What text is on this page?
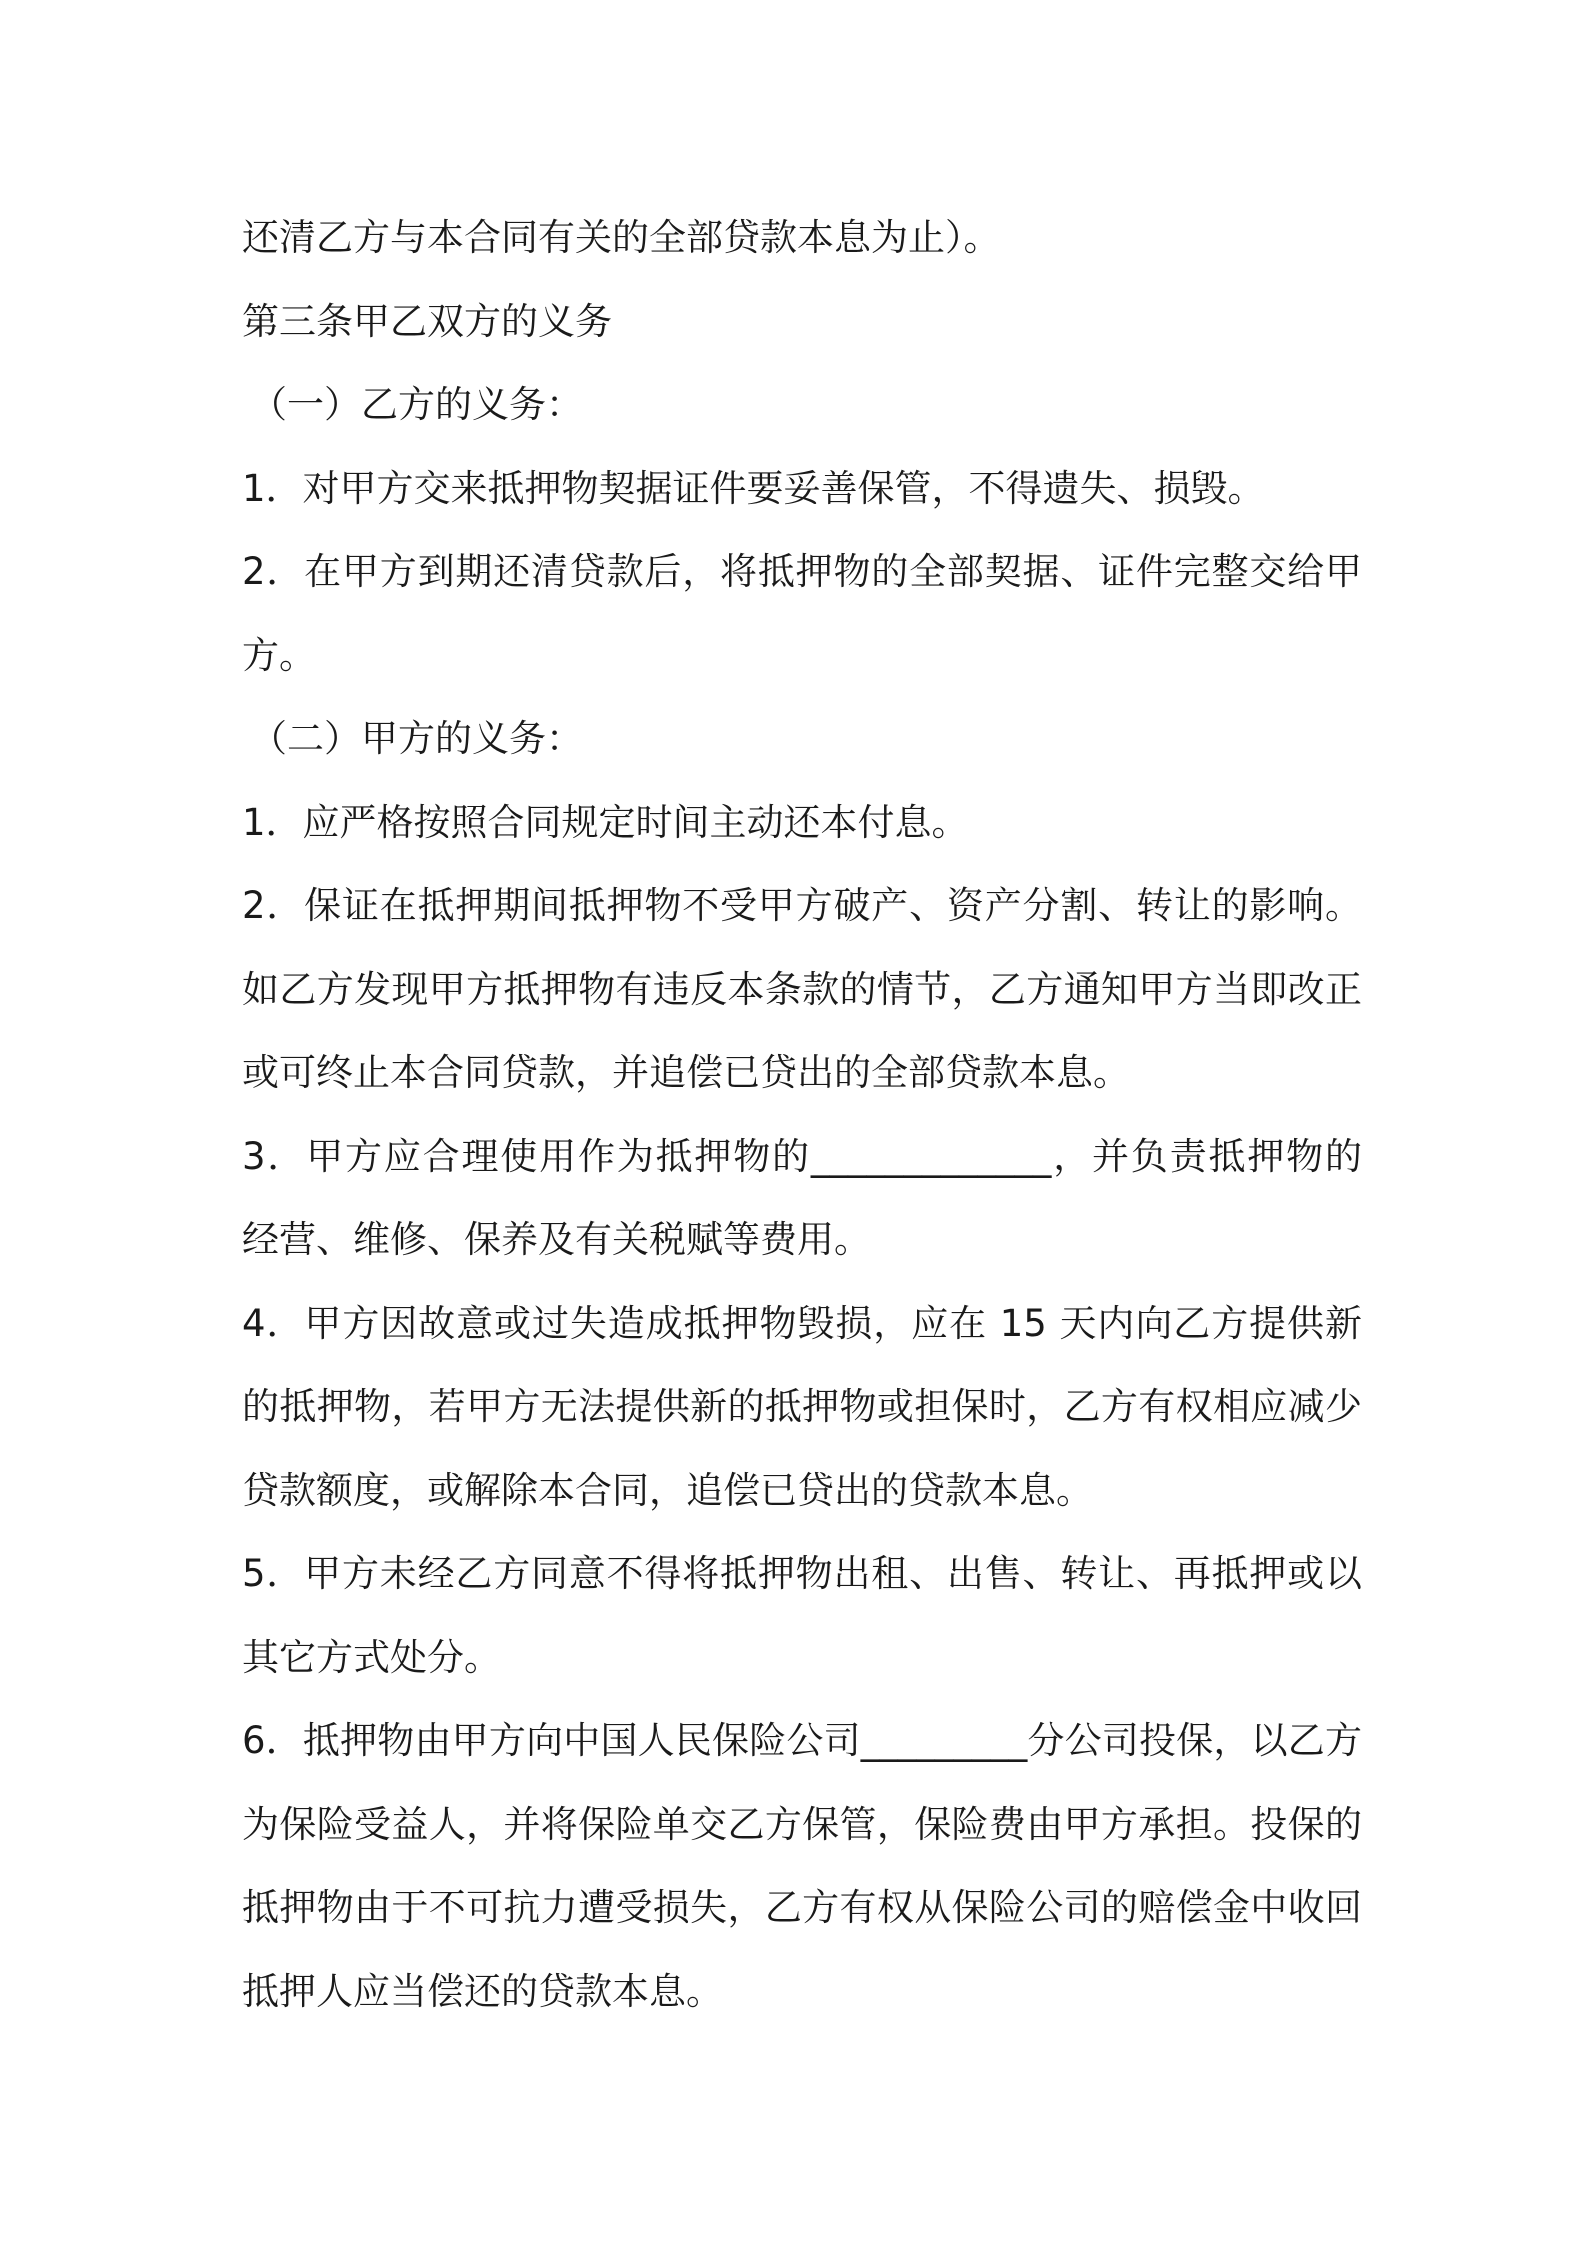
还清乙方与本合同有关的全部贷款本息为止）。

第三条甲乙双方的义务

（一）乙方的义务：

1．对甲方交来抵押物契据证件要妥善保管，不得遗失、损毁。

2．在甲方到期还清贷款后，将抵押物的全部契据、证件完整交给甲

方。

（二）甲方的义务：

1．应严格按照合同规定时间主动还本付息。

2．保证在抵押期间抵押物不受甲方破产、资产分割、转让的影响。

如乙方发现甲方抵押物有违反本条款的情节，乙方通知甲方当即改正

或可终止本合同贷款，并追偿已贷出的全部贷款本息。

3．甲方应合理使用作为抵押物的_____________，并负责抵押物的

经营、维修、保养及有关税赋等费用。

4．甲方因故意或过失造成抵押物毁损，应在 15 天内向乙方提供新

的抵押物，若甲方无法提供新的抵押物或担保时，乙方有权相应减少

贷款额度，或解除本合同，追偿已贷出的贷款本息。

5．甲方未经乙方同意不得将抵押物出租、出售、转让、再抵押或以

其它方式处分。

6．抵押物由甲方向中国人民保险公司_________分公司投保，以乙方

为保险受益人，并将保险单交乙方保管，保险费由甲方承担。投保的

抵押物由于不可抗力遭受损失，乙方有权从保险公司的赔偿金中收回

抵押人应当偿还的贷款本息。
